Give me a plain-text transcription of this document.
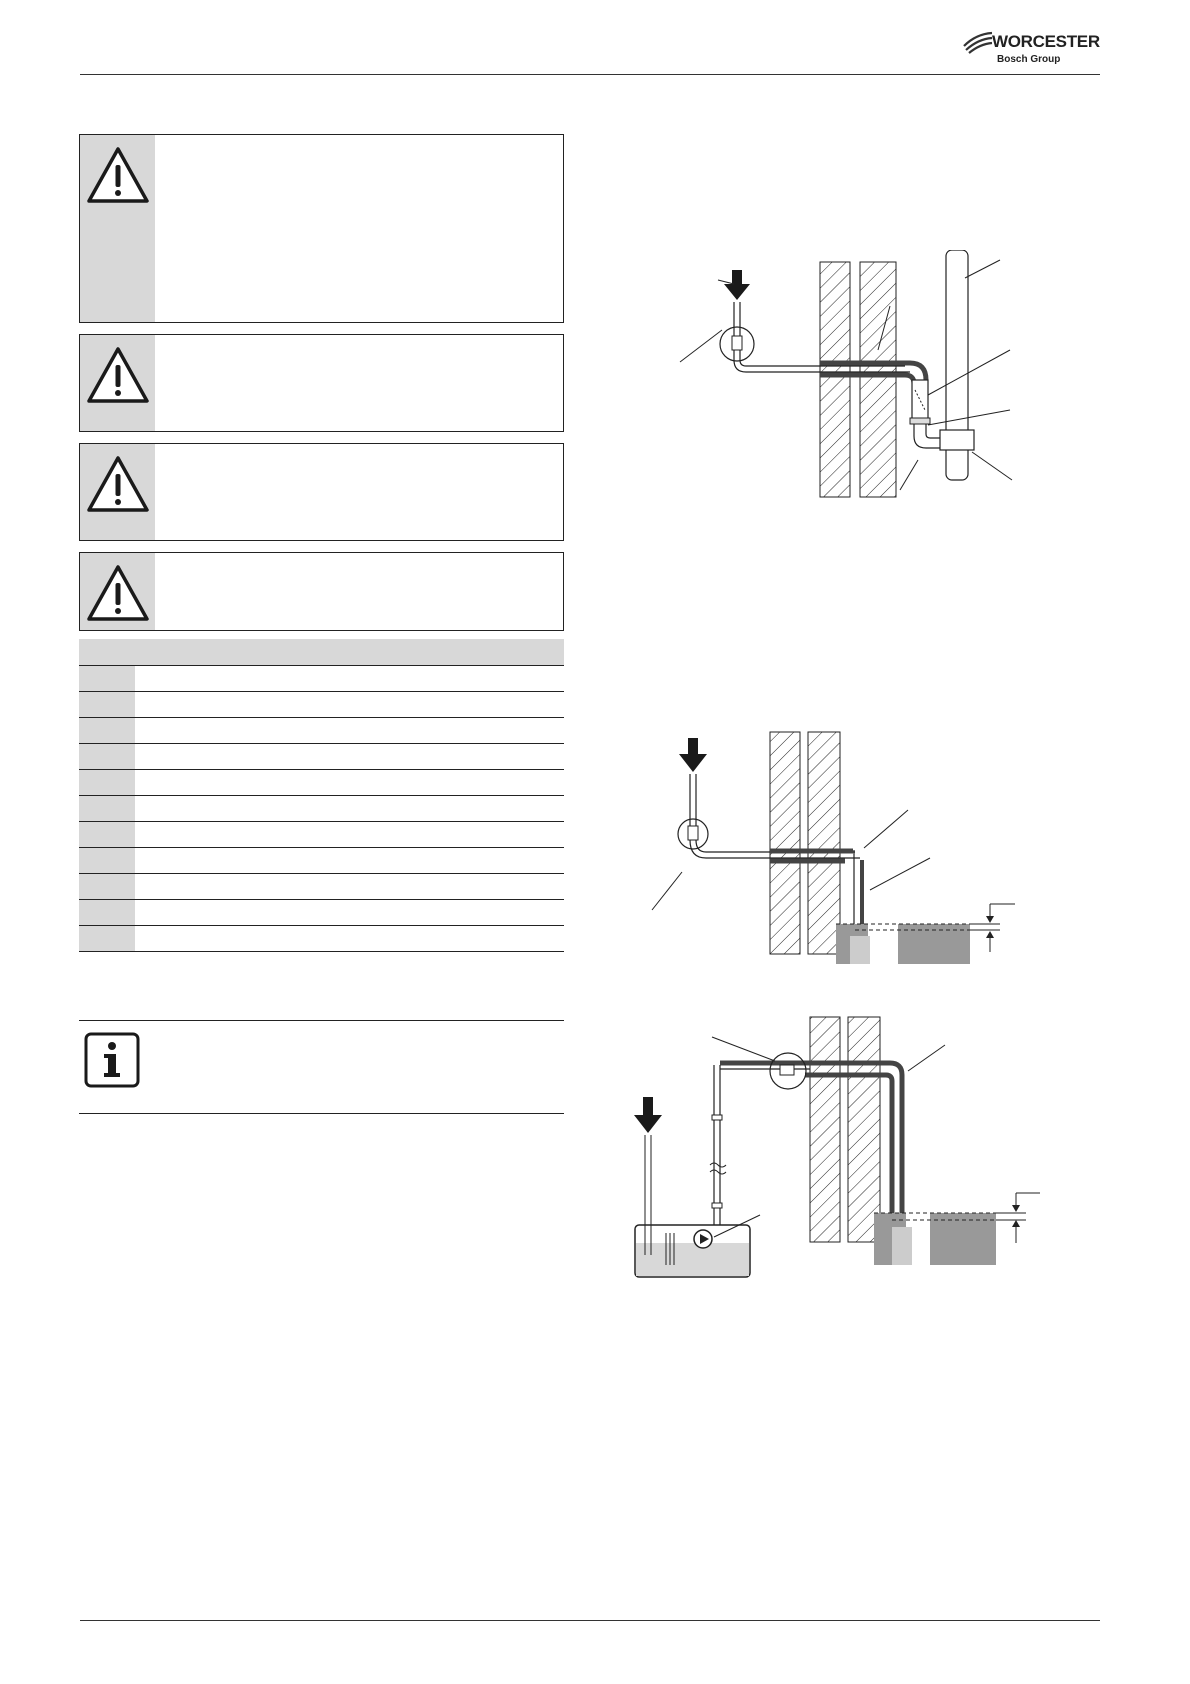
WORCESTER
Bosch Group
